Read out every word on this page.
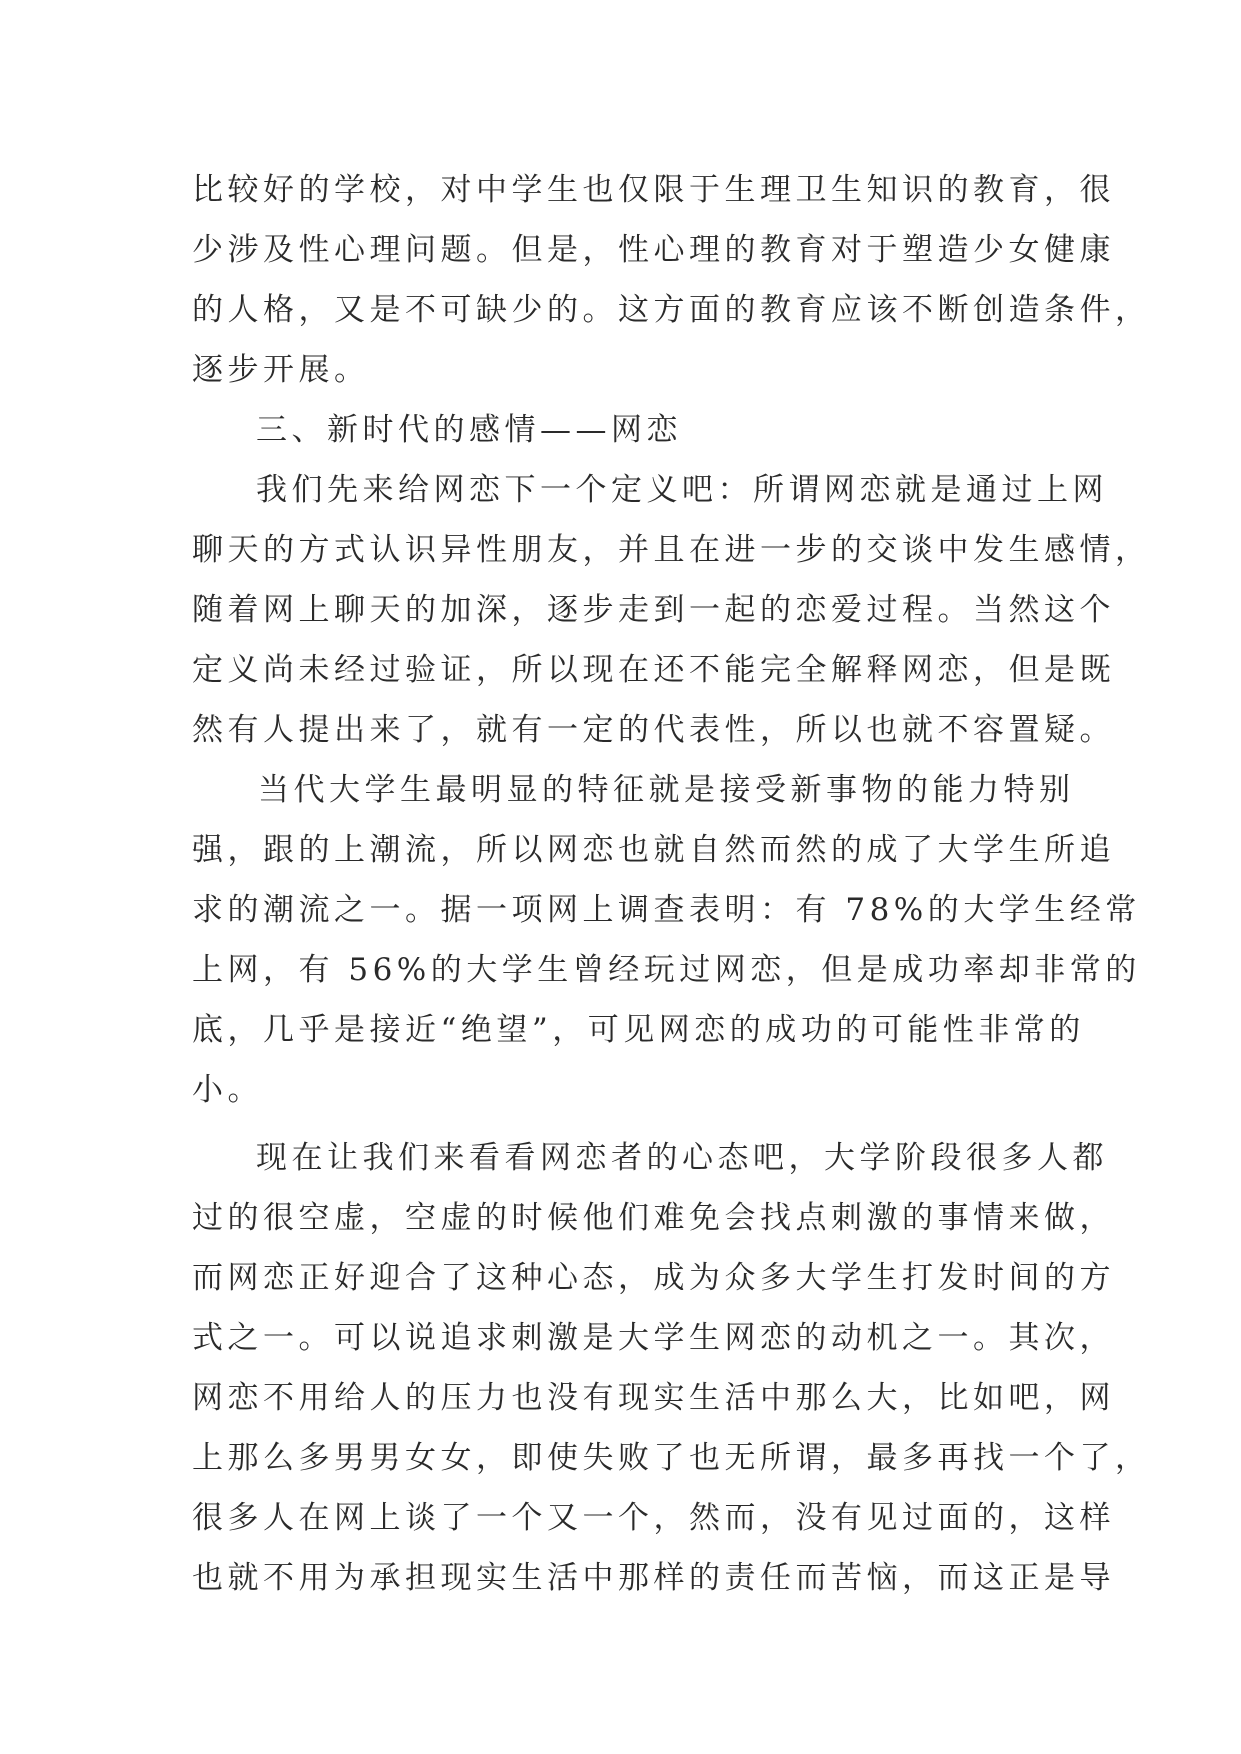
比较好的学校，对中学生也仅限于生理卫生知识的教育，很
少涉及性心理问题。但是，性心理的教育对于塑造少女健康
的人格，又是不可缺少的。这方面的教育应该不断创造条件，
逐步开展。
三、新时代的感情——网恋
我们先来给网恋下一个定义吧：所谓网恋就是通过上网
聊天的方式认识异性朋友，并且在进一步的交谈中发生感情，
随着网上聊天的加深，逐步走到一起的恋爱过程。当然这个
定义尚未经过验证，所以现在还不能完全解释网恋，但是既
然有人提出来了，就有一定的代表性，所以也就不容置疑。
当代大学生最明显的特征就是接受新事物的能力特别
强，跟的上潮流，所以网恋也就自然而然的成了大学生所追
求的潮流之一。据一项网上调查表明：有 78%的大学生经常
上网，有 56%的大学生曾经玩过网恋，但是成功率却非常的
底，几乎是接近“绝望”，可见网恋的成功的可能性非常的
小。
现在让我们来看看网恋者的心态吧，大学阶段很多人都
过的很空虚，空虚的时候他们难免会找点刺激的事情来做，
而网恋正好迎合了这种心态，成为众多大学生打发时间的方
式之一。可以说追求刺激是大学生网恋的动机之一。其次，
网恋不用给人的压力也没有现实生活中那么大，比如吧，网
上那么多男男女女，即使失败了也无所谓，最多再找一个了，
很多人在网上谈了一个又一个，然而，没有见过面的，这样
也就不用为承担现实生活中那样的责任而苦恼，而这正是导
